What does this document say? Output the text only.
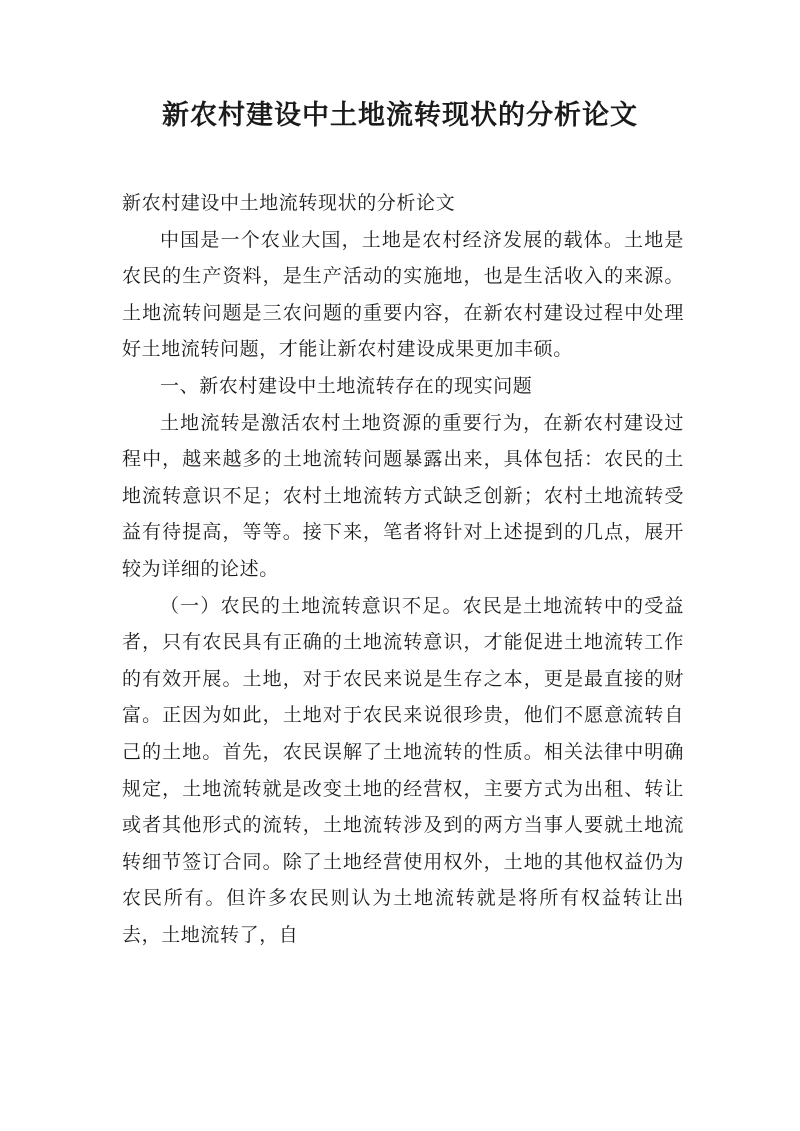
新农村建设中土地流转现状的分析论文

新农村建设中土地流转现状的分析论文

中国是一个农业大国，土地是农村经济发展的载体。土地是农民的生产资料，是生产活动的实施地，也是生活收入的来源。土地流转问题是三农问题的重要内容，在新农村建设过程中处理好土地流转问题，才能让新农村建设成果更加丰硕。

一、新农村建设中土地流转存在的现实问题

土地流转是激活农村土地资源的重要行为，在新农村建设过程中，越来越多的土地流转问题暴露出来，具体包括：农民的土地流转意识不足；农村土地流转方式缺乏创新；农村土地流转受益有待提高，等等。接下来，笔者将针对上述提到的几点，展开较为详细的论述。

（一）农民的土地流转意识不足。农民是土地流转中的受益者，只有农民具有正确的土地流转意识，才能促进土地流转工作的有效开展。土地，对于农民来说是生存之本，更是最直接的财富。正因为如此，土地对于农民来说很珍贵，他们不愿意流转自己的土地。首先，农民误解了土地流转的性质。相关法律中明确规定，土地流转就是改变土地的经营权，主要方式为出租、转让或者其他形式的流转，土地流转涉及到的两方当事人要就土地流转细节签订合同。除了土地经营使用权外，土地的其他权益仍为农民所有。但许多农民则认为土地流转就是将所有权益转让出去，土地流转了，自
